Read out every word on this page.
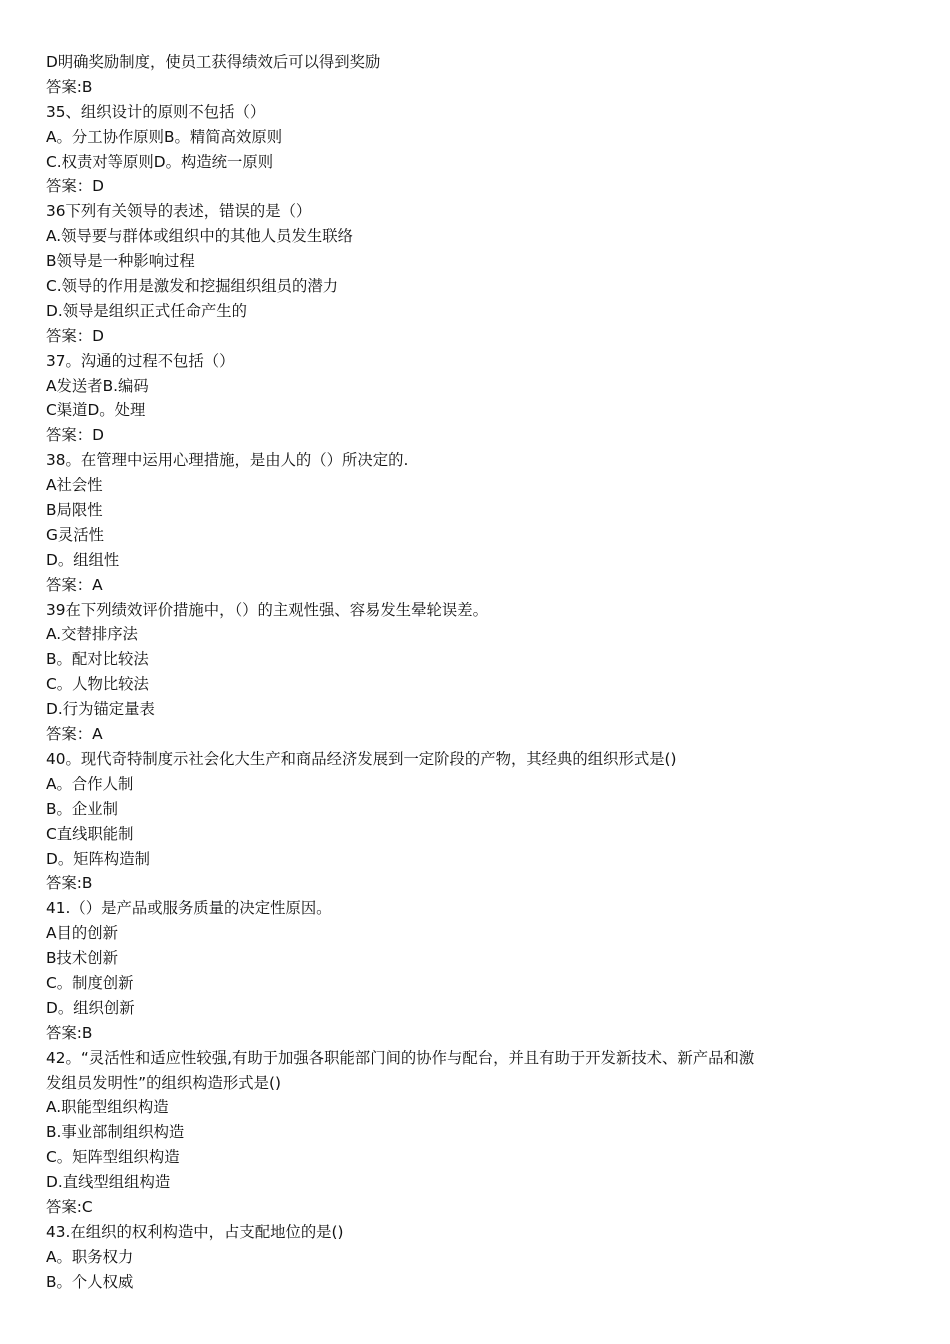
D明确奖励制度，使员工获得绩效后可以得到奖励
答案:B
35、组织设计的原则不包括（）
A。分工协作原则B。精简高效原则
C.权责对等原则D。构造统一原则
答案：D
36下列有关领导的表述，错误的是（）
A.领导要与群体或组织中的其他人员发生联络
B领导是一种影响过程
C.领导的作用是激发和挖掘组织组员的潜力
D.领导是组织正式任命产生的
答案：D
37。沟通的过程不包括（）
A发送者B.编码
C渠道D。处理
答案：D
38。在管理中运用心理措施，是由人的（）所决定的.
A社会性
B局限性
G灵活性
D。组组性
答案：A
39在下列绩效评价措施中，（）的主观性强、容易发生晕轮误差。
A.交替排序法
B。配对比较法
C。人物比较法
D.行为锚定量表
答案：A
40。现代奇特制度示社会化大生产和商品经济发展到一定阶段的产物，其经典的组织形式是()
A。合作人制
B。企业制
C直线职能制
D。矩阵构造制
答案:B
41.（）是产品或服务质量的决定性原因。
A目的创新
B技术创新
C。制度创新
D。组织创新
答案:B
42。“灵活性和适应性较强,有助于加强各职能部门间的协作与配台，并且有助于开发新技术、新产品和激
发组员发明性”的组织构造形式是()
A.职能型组织构造
B.事业部制组织构造
C。矩阵型组织构造
D.直线型组组构造
答案:C
43.在组织的权利构造中，占支配地位的是()
A。职务权力
B。个人权威
